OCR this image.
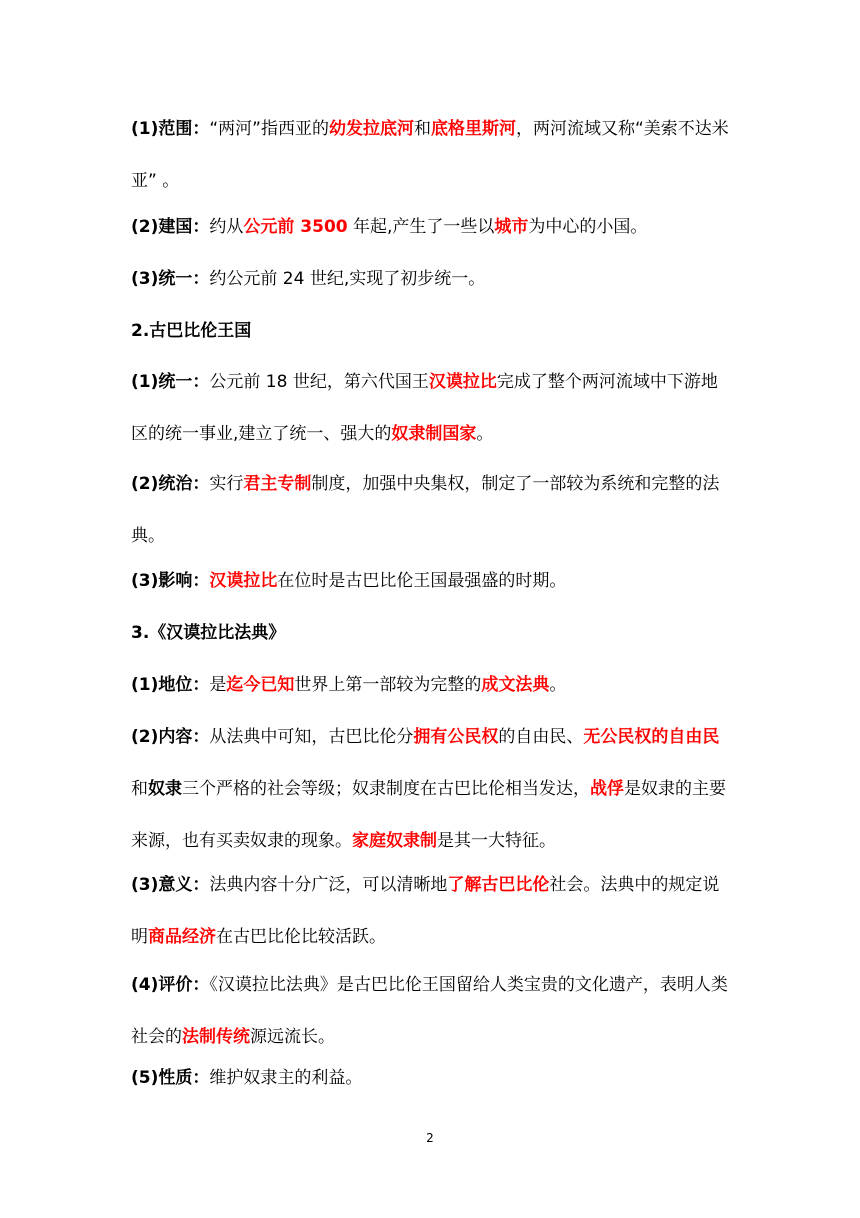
(1)范围：“两河”指西亚的幼发拉底河和底格里斯河，两河流域又称“美索不达米亚” 。

(2)建国：约从公元前 3500 年起,产生了一些以城市为中心的小国。

(3)统一：约公元前 24 世纪,实现了初步统一。

2.古巴比伦王国

(1)统一：公元前 18 世纪，第六代国王汉谟拉比完成了整个两河流域中下游地区的统一事业,建立了统一、强大的奴隶制国家。

(2)统治：实行君主专制制度，加强中央集权，制定了一部较为系统和完整的法典。

(3)影响：汉谟拉比在位时是古巴比伦王国最强盛的时期。

3.《汉谟拉比法典》

(1)地位：是迄今已知世界上第一部较为完整的成文法典。

(2)内容：从法典中可知，古巴比伦分拥有公民权的自由民、无公民权的自由民和奴隶三个严格的社会等级；奴隶制度在古巴比伦相当发达，战俘是奴隶的主要来源，也有买卖奴隶的现象。家庭奴隶制是其一大特征。

(3)意义：法典内容十分广泛，可以清晰地了解古巴比伦社会。法典中的规定说明商品经济在古巴比伦比较活跃。

(4)评价：《汉谟拉比法典》是古巴比伦王国留给人类宝贵的文化遗产，表明人类社会的法制传统源远流长。

(5)性质：维护奴隶主的利益。

2
